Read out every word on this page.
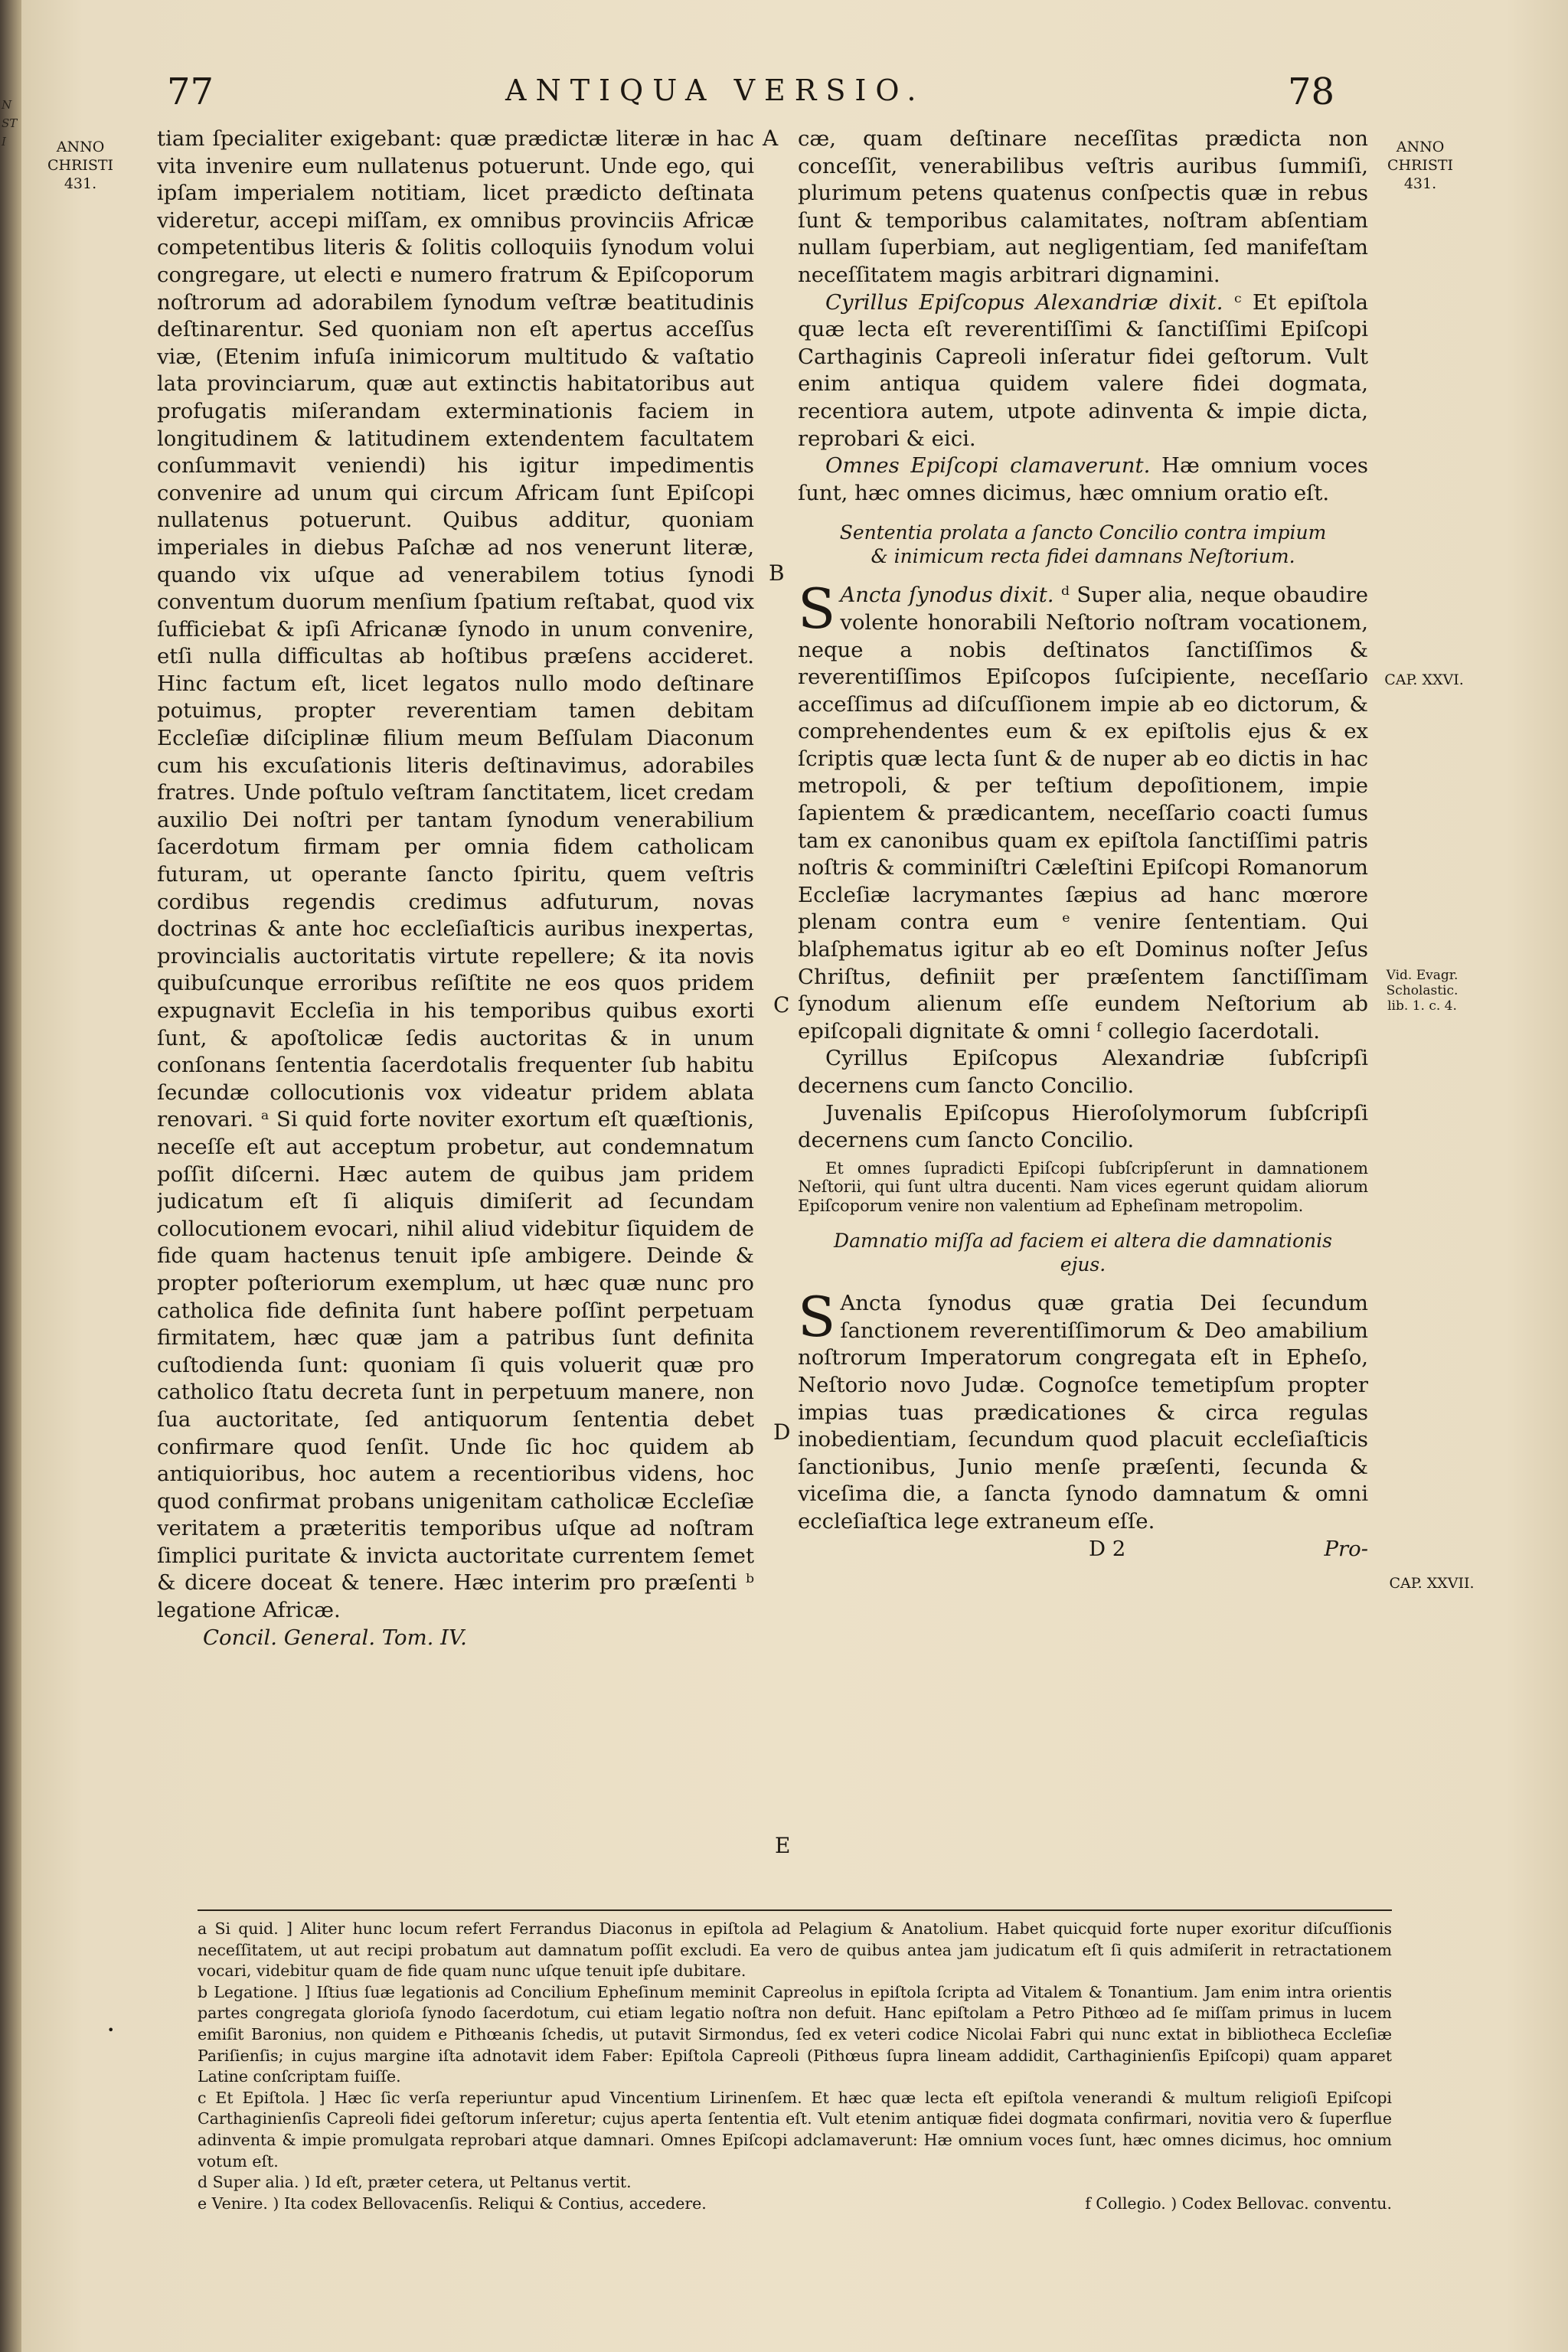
N
ST
I
77	ANTIQUA VERSIO.	78
ANNO
CHRISTI
431.
ANNO
CHRISTI
431.
CAP. XXVI.
Vid. Evagr.
Scholastic.
lib. 1. c. 4.
CAP. XXVII.
A
B
C
D
E

tiam ſpecialiter exigebant: quæ prædictæ literæ in hac vita invenire eum nullatenus potuerunt. Unde ego, qui ipſam imperialem notitiam, licet prædicto deſtinata videretur, accepi miſſam, ex omnibus provinciis Africæ competentibus literis & ſolitis colloquiis ſynodum volui congregare, ut electi e numero fratrum & Epiſcoporum noſtrorum ad adorabilem ſynodum veſtræ beatitudinis deſtinarentur. Sed quoniam non eſt apertus acceſſus viæ, (Etenim infuſa inimicorum multitudo & vaſtatio lata provinciarum, quæ aut extinctis habitatoribus aut profugatis miſerandam exterminationis faciem in longitudinem & latitudinem extendentem facultatem conſummavit veniendi) his igitur impedimentis convenire ad unum qui circum Africam ſunt Epiſcopi nullatenus potuerunt. Quibus additur, quoniam imperiales in diebus Paſchæ ad nos venerunt literæ, quando vix uſque ad venerabilem totius ſynodi conventum duorum menſium ſpatium reſtabat, quod vix ſufficiebat & ipſi Africanæ ſynodo in unum convenire, etſi nulla difficultas ab hoſtibus præſens accideret. Hinc factum eſt, licet legatos nullo modo deſtinare potuimus, propter reverentiam tamen debitam Eccleſiæ diſciplinæ filium meum Beſſulam Diaconum cum his excuſationis literis deſtinavimus, adorabiles fratres. Unde poſtulo veſtram ſanctitatem, licet credam auxilio Dei noſtri per tantam ſynodum venerabilium ſacerdotum firmam per omnia fidem catholicam futuram, ut operante ſancto ſpiritu, quem veſtris cordibus regendis credimus adfuturum, novas doctrinas & ante hoc eccleſiaſticis auribus inexpertas, provincialis auctoritatis virtute repellere; & ita novis quibuſcunque erroribus reſiſtite ne eos quos pridem expugnavit Eccleſia in his temporibus quibus exorti ſunt, & apoſtolicæ ſedis auctoritas & in unum conſonans ſententia ſacerdotalis frequenter ſub habitu ſecundæ collocutionis vox videatur pridem ablata renovari. ᵃ Si quid forte noviter exortum eſt quæſtionis, neceſſe eſt aut acceptum probetur, aut condemnatum poſſit diſcerni. Hæc autem de quibus jam pridem judicatum eſt ſi aliquis dimiſerit ad ſecundam collocutionem evocari, nihil aliud videbitur ſiquidem de fide quam hactenus tenuit ipſe ambigere. Deinde & propter poſteriorum exemplum, ut hæc quæ nunc pro catholica fide definita ſunt habere poſſint perpetuam firmitatem, hæc quæ jam a patribus ſunt definita cuſtodienda ſunt: quoniam ſi quis voluerit quæ pro catholico ſtatu decreta ſunt in perpetuum manere, non ſua auctoritate, ſed antiquorum ſententia debet confirmare quod ſenſit. Unde ſic hoc quidem ab antiquioribus, hoc autem a recentioribus videns, hoc quod confirmat probans unigenitam catholicæ Eccleſiæ veritatem a præteritis temporibus uſque ad noſtram ſimplici puritate & invicta auctoritate currentem ſemet & dicere doceat & tenere. Hæc interim pro præſenti ᵇ legatione Africæ.

Concil. General. Tom. IV.

cæ, quam deſtinare neceſſitas prædicta non conceſſit, venerabilibus veſtris auribus ſummiſi, plurimum petens quatenus conſpectis quæ in rebus ſunt & temporibus calamitates, noſtram abſentiam nullam ſuperbiam, aut negligentiam, ſed manifeſtam neceſſitatem magis arbitrari dignamini.

Cyrillus Epiſcopus Alexandriæ dixit. ᶜ Et epiſtola quæ lecta eſt reverentiſſimi & ſanctiſſimi Epiſcopi Carthaginis Capreoli inſeratur fidei geſtorum. Vult enim antiqua quidem valere fidei dogmata, recentiora autem, utpote adinventa & impie dicta, reprobari & eici.

Omnes Epiſcopi clamaverunt. Hæ omnium voces ſunt, hæc omnes dicimus, hæc omnium oratio eſt.

Sententia prolata a ſancto Concilio contra impium & inimicum recta fidei damnans Neſtorium.

S Ancta ſynodus dixit. ᵈ Super alia, neque obaudire volente honorabili Neſtorio noſtram vocationem, neque a nobis deſtinatos ſanctiſſimos & reverentiſſimos Epiſcopos ſuſcipiente, neceſſario acceſſimus ad diſcuſſionem impie ab eo dictorum, & comprehendentes eum & ex epiſtolis ejus & ex ſcriptis quæ lecta ſunt & de nuper ab eo dictis in hac metropoli, & per teſtium depoſitionem, impie ſapientem & prædicantem, neceſſario coacti ſumus tam ex canonibus quam ex epiſtola ſanctiſſimi patris noſtris & comminiſtri Cæleſtini Epiſcopi Romanorum Eccleſiæ lacrymantes ſæpius ad hanc mœrore plenam contra eum ᵉ venire ſententiam. Qui blaſphematus igitur ab eo eſt Dominus noſter Jeſus Chriſtus, definiit per præſentem ſanctiſſimam ſynodum alienum eſſe eundem Neſtorium ab epiſcopali dignitate & omni ᶠ collegio ſacerdotali.

Cyrillus Epiſcopus Alexandriæ ſubſcripſi decernens cum ſancto Concilio.

Juvenalis Epiſcopus Hieroſolymorum ſubſcripſi decernens cum ſancto Concilio.

Et omnes ſupradicti Epiſcopi ſubſcripſerunt in damnationem Neſtorii, qui ſunt ultra ducenti. Nam vices egerunt quidam aliorum Epiſcoporum venire non valentium ad Epheſinam metropolim.

Damnatio miſſa ad faciem ei altera die damnationis ejus.

S Ancta ſynodus quæ gratia Dei ſecundum ſanctionem reverentiſſimorum & Deo amabilium noſtrorum Imperatorum congregata eſt in Epheſo, Neſtorio novo Judæ. Cognoſce temetipſum propter impias tuas prædicationes & circa regulas inobedientiam, ſecundum quod placuit eccleſiaſticis ſanctionibus, Junio menſe præſenti, ſecunda & viceſima die, a ſancta ſynodo damnatum & omni eccleſiaſtica lege extraneum eſſe.

D 2	Pro-

a Si quid. ] Aliter hunc locum refert Ferrandus Diaconus in epiſtola ad Pelagium & Anatolium. Habet quicquid forte nuper exoritur diſcuſſionis neceſſitatem, ut aut recipi probatum aut damnatum poſſit excludi. Ea vero de quibus antea jam judicatum eſt ſi quis admiſerit in retractationem vocari, videbitur quam de fide quam nunc uſque tenuit ipſe dubitare.

b Legatione. ] Iſtius ſuæ legationis ad Concilium Epheſinum meminit Capreolus in epiſtola ſcripta ad Vitalem & Tonantium. Jam enim intra orientis partes congregata glorioſa ſynodo ſacerdotum, cui etiam legatio noſtra non defuit. Hanc epiſtolam a Petro Pithœo ad ſe miſſam primus in lucem emiſit Baronius, non quidem e Pithœanis ſchedis, ut putavit Sirmondus, ſed ex veteri codice Nicolai Fabri qui nunc extat in bibliotheca Eccleſiæ Pariſienſis; in cujus margine iſta adnotavit idem Faber: Epiſtola Capreoli (Pithœus ſupra lineam addidit, Carthaginienſis Epiſcopi) quam apparet Latine conſcriptam fuiſſe.

c Et Epiſtola. ] Hæc ſic verſa reperiuntur apud Vincentium Lirinenſem. Et hæc quæ lecta eſt epiſtola venerandi & multum religioſi Epiſcopi Carthaginienſis Capreoli fidei geſtorum inſeretur; cujus aperta ſententia eſt. Vult etenim antiquæ fidei dogmata confirmari, novitia vero & ſuperflue adinventa & impie promulgata reprobari atque damnari. Omnes Epiſcopi adclamaverunt: Hæ omnium voces ſunt, hæc omnes dicimus, hoc omnium votum eſt.

d Super alia. ) Id eſt, præter cetera, ut Peltanus vertit.

e Venire. ) Ita codex Bellovacenſis. Reliqui & Contius, accedere.	f Collegio. ) Codex Bellovac. conventu.

•
